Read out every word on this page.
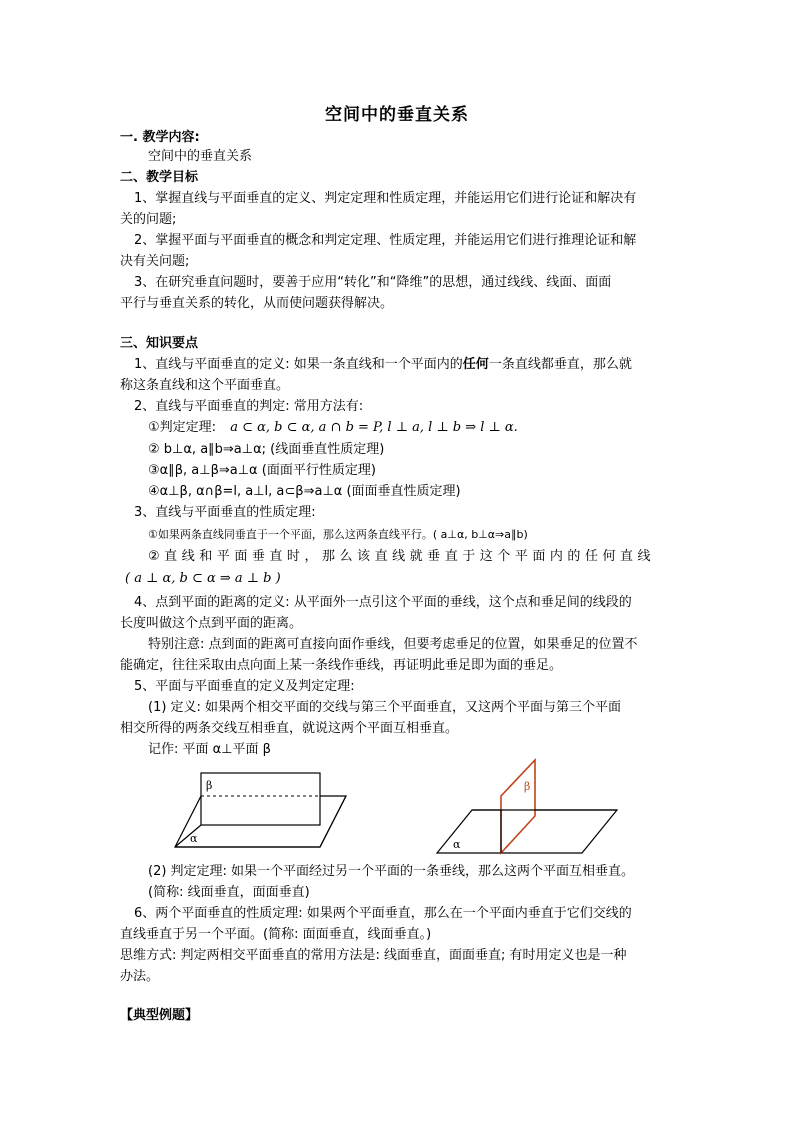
空间中的垂直关系
一. 教学内容:
空间中的垂直关系
二、教学目标
1、掌握直线与平面垂直的定义、判定定理和性质定理，并能运用它们进行论证和解决有
关的问题;
2、掌握平面与平面垂直的概念和判定定理、性质定理，并能运用它们进行推理论证和解
决有关问题;
3、在研究垂直问题时，要善于应用“转化”和“降维”的思想，通过线线、线面、面面
平行与垂直关系的转化，从而使问题获得解决。
三、知识要点
1、直线与平面垂直的定义: 如果一条直线和一个平面内的任何一条直线都垂直，那么就
称这条直线和这个平面垂直。
2、直线与平面垂直的判定: 常用方法有:
①判定定理: a ⊂ α, b ⊂ α, a ∩ b = P, l ⊥ a, l ⊥ b ⇒ l ⊥ α.
② b⊥α, a∥b⇒a⊥α; (线面垂直性质定理)
③α∥β, a⊥β⇒a⊥α (面面平行性质定理)
④α⊥β, α∩β=l, a⊥l, a⊂β⇒a⊥α (面面垂直性质定理)
3、直线与平面垂直的性质定理:
①如果两条直线同垂直于一个平面，那么这两条直线平行。( a⊥α, b⊥α⇒a∥b)
② 直 线 和 平 面 垂 直 时 ， 那 么 该 直 线 就 垂 直 于 这 个 平 面 内 的 任 何 直 线
( a ⊥ α, b ⊂ α ⇒ a ⊥ b )
4、点到平面的距离的定义: 从平面外一点引这个平面的垂线，这个点和垂足间的线段的
长度叫做这个点到平面的距离。
特别注意: 点到面的距离可直接向面作垂线，但要考虑垂足的位置，如果垂足的位置不
能确定，往往采取由点向面上某一条线作垂线，再证明此垂足即为面的垂足。
5、平面与平面垂直的定义及判定定理:
(1) 定义: 如果两个相交平面的交线与第三个平面垂直，又这两个平面与第三个平面
相交所得的两条交线互相垂直，就说这两个平面互相垂直。
记作: 平面 α⊥平面 β
β
α
β
α
(2) 判定定理: 如果一个平面经过另一个平面的一条垂线，那么这两个平面互相垂直。
(简称: 线面垂直，面面垂直)
6、两个平面垂直的性质定理: 如果两个平面垂直，那么在一个平面内垂直于它们交线的
直线垂直于另一个平面。(简称: 面面垂直，线面垂直。)
思维方式: 判定两相交平面垂直的常用方法是: 线面垂直，面面垂直; 有时用定义也是一种
办法。
【典型例题】
